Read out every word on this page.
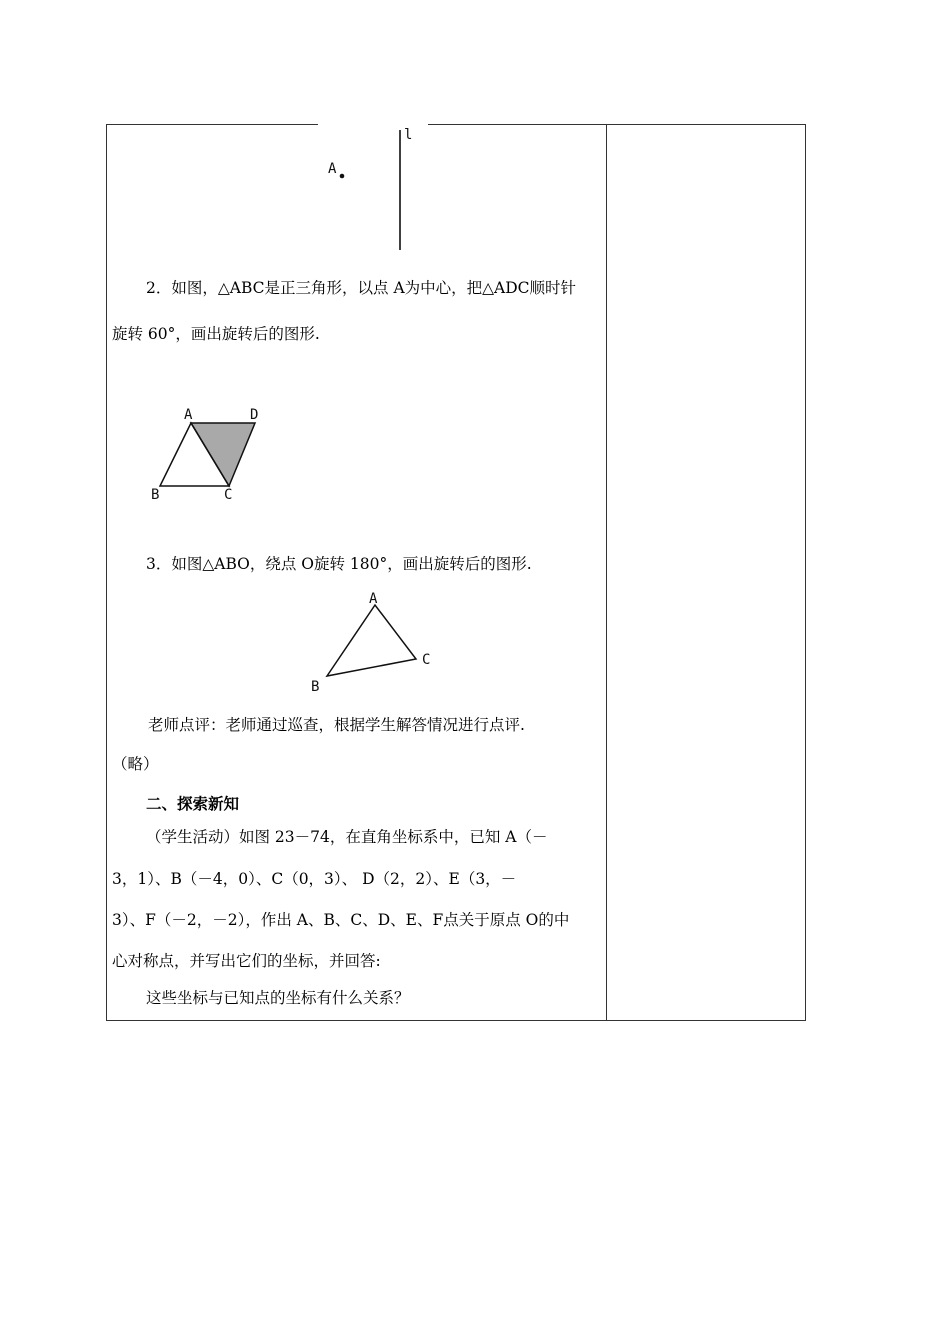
l
A
2．如图，△ABC是正三角形，以点 A为中心，把△ADC顺时针
旋转 60°，画出旋转后的图形.
A	D
B	C
3．如图△ABO，绕点 O旋转 180°，画出旋转后的图形.
A
B
C
老师点评：老师通过巡查，根据学生解答情况进行点评.
（略）
二、探索新知
（学生活动）如图 23－74，在直角坐标系中，已知 A（－
3，1）、B（－4，0）、C（0，3）、 D（2，2）、E（3，－
3）、F（－2，－2），作出 A、B、C、D、E、F点关于原点 O的中
心对称点，并写出它们的坐标，并回答:
这些坐标与已知点的坐标有什么关系？
